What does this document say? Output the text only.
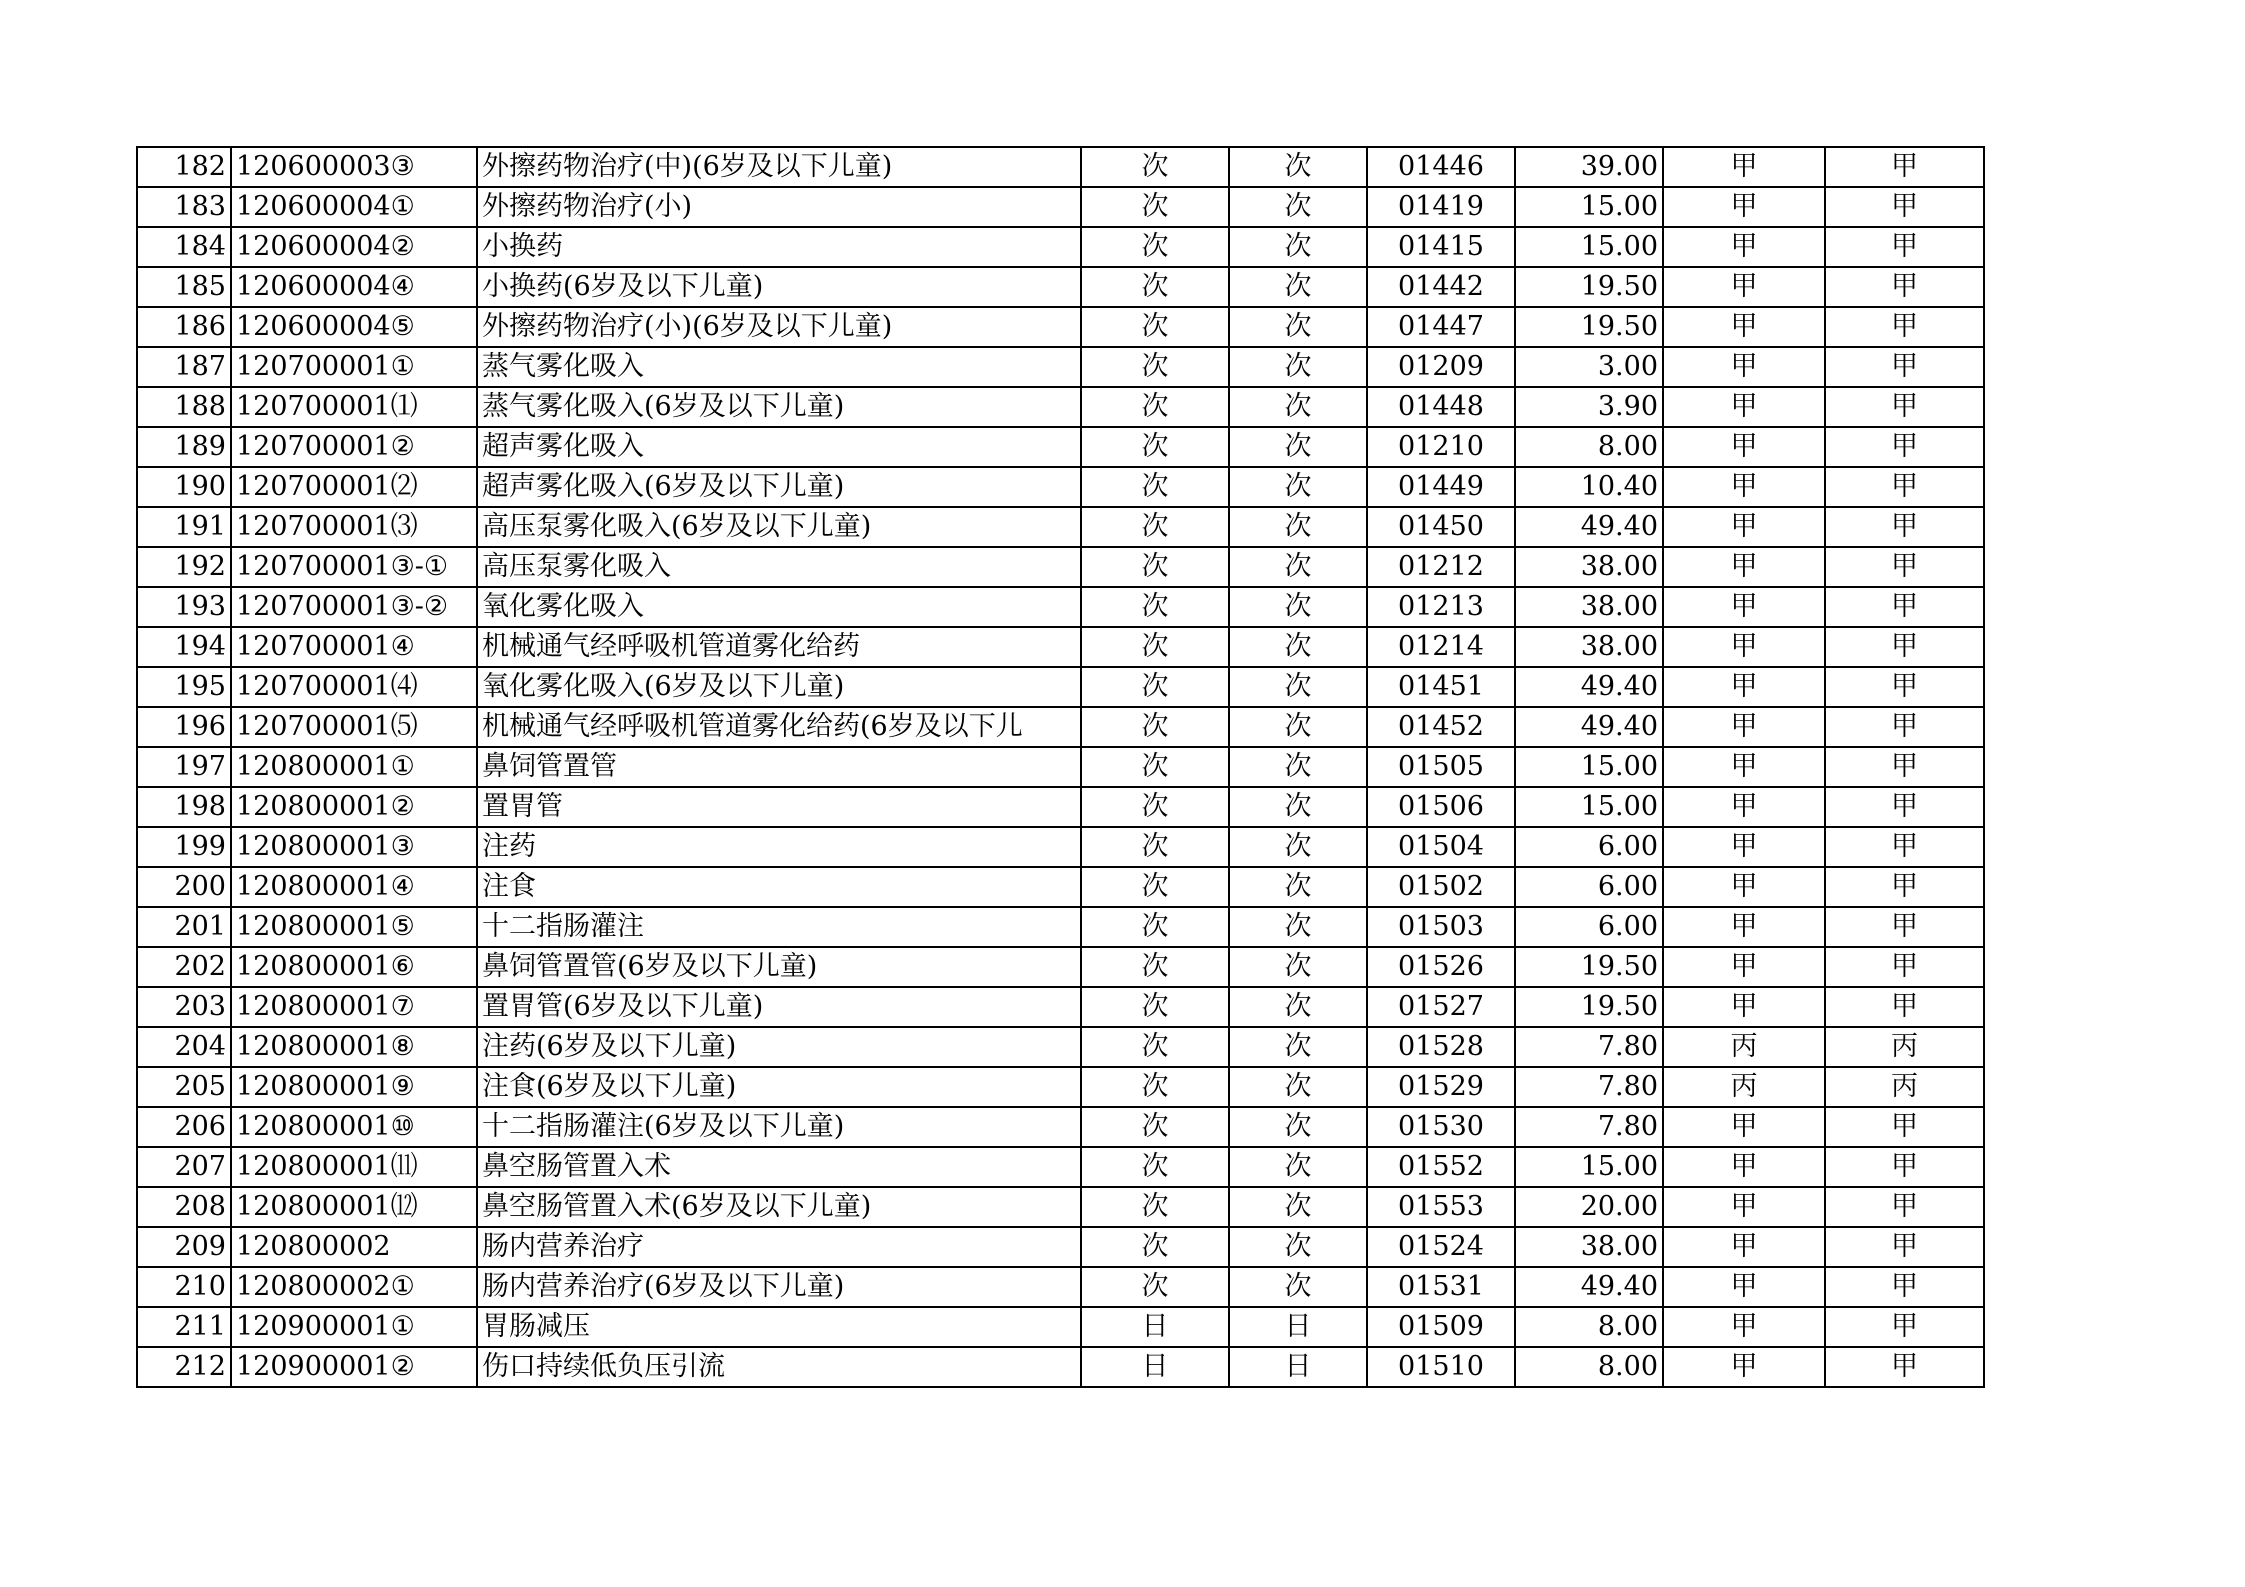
182	120600003③	外擦药物治疗(中)(6岁及以下儿童)	次	次	01446	39.00	甲	甲
183	120600004①	外擦药物治疗(小)	次	次	01419	15.00	甲	甲
184	120600004②	小换药	次	次	01415	15.00	甲	甲
185	120600004④	小换药(6岁及以下儿童)	次	次	01442	19.50	甲	甲
186	120600004⑤	外擦药物治疗(小)(6岁及以下儿童)	次	次	01447	19.50	甲	甲
187	120700001①	蒸气雾化吸入	次	次	01209	3.00	甲	甲
188	120700001⑴	蒸气雾化吸入(6岁及以下儿童)	次	次	01448	3.90	甲	甲
189	120700001②	超声雾化吸入	次	次	01210	8.00	甲	甲
190	120700001⑵	超声雾化吸入(6岁及以下儿童)	次	次	01449	10.40	甲	甲
191	120700001⑶	高压泵雾化吸入(6岁及以下儿童)	次	次	01450	49.40	甲	甲
192	120700001③-①	高压泵雾化吸入	次	次	01212	38.00	甲	甲
193	120700001③-②	氧化雾化吸入	次	次	01213	38.00	甲	甲
194	120700001④	机械通气经呼吸机管道雾化给药	次	次	01214	38.00	甲	甲
195	120700001⑷	氧化雾化吸入(6岁及以下儿童)	次	次	01451	49.40	甲	甲
196	120700001⑸	机械通气经呼吸机管道雾化给药(6岁及以下儿	次	次	01452	49.40	甲	甲
197	120800001①	鼻饲管置管	次	次	01505	15.00	甲	甲
198	120800001②	置胃管	次	次	01506	15.00	甲	甲
199	120800001③	注药	次	次	01504	6.00	甲	甲
200	120800001④	注食	次	次	01502	6.00	甲	甲
201	120800001⑤	十二指肠灌注	次	次	01503	6.00	甲	甲
202	120800001⑥	鼻饲管置管(6岁及以下儿童)	次	次	01526	19.50	甲	甲
203	120800001⑦	置胃管(6岁及以下儿童)	次	次	01527	19.50	甲	甲
204	120800001⑧	注药(6岁及以下儿童)	次	次	01528	7.80	丙	丙
205	120800001⑨	注食(6岁及以下儿童)	次	次	01529	7.80	丙	丙
206	120800001⑩	十二指肠灌注(6岁及以下儿童)	次	次	01530	7.80	甲	甲
207	120800001⑾	鼻空肠管置入术	次	次	01552	15.00	甲	甲
208	120800001⑿	鼻空肠管置入术(6岁及以下儿童)	次	次	01553	20.00	甲	甲
209	120800002	肠内营养治疗	次	次	01524	38.00	甲	甲
210	120800002①	肠内营养治疗(6岁及以下儿童)	次	次	01531	49.40	甲	甲
211	120900001①	胃肠减压	日	日	01509	8.00	甲	甲
212	120900001②	伤口持续低负压引流	日	日	01510	8.00	甲	甲
